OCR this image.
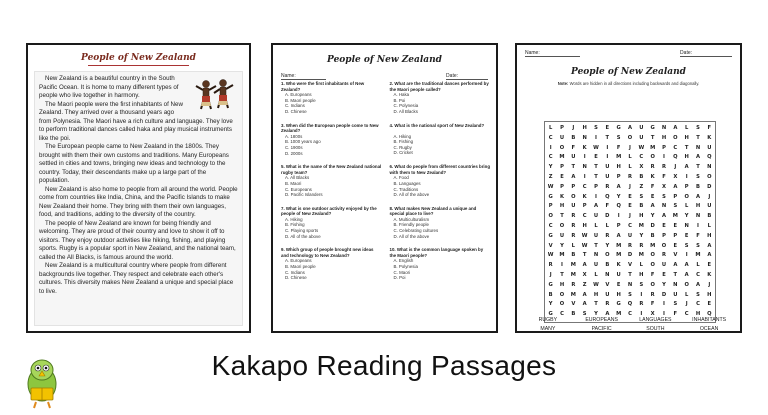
People of New Zealand

New Zealand is a beautiful country in the South Pacific Ocean. It is home to many different types of people who live together in harmony.

The Maori people were the first inhabitants of New Zealand. They arrived over a thousand years ago from Polynesia. The Maori have a rich culture and language. They love to perform traditional dances called haka and play musical instruments like the poi.

The European people came to New Zealand in the 1800s. They brought with them their own customs and traditions. Many Europeans settled in cities and towns, bringing new ideas and technology to the country. Today, their descendants make up a large part of the population.

New Zealand is also home to people from all around the world. People come from countries like India, China, and the Pacific Islands to make New Zealand their home. They bring with them their own languages, food, and traditions, adding to the diversity of the country.

The people of New Zealand are known for being friendly and welcoming. They are proud of their country and love to show it off to visitors. They enjoy outdoor activities like hiking, fishing, and playing sports. Rugby is a popular sport in New Zealand, and the national team, called the All Blacks, is famous around the world.

New Zealand is a multicultural country where people from different backgrounds live together. They respect and celebrate each other's cultures. This diversity makes New Zealand a unique and special place to live.

People of New Zealand
Name:	Date:
1. Who were the first inhabitants of New Zealand?
A. Europeans
B. Maori people
C. Indians
D. Chinese
2. What are the traditional dances performed by the Maori people called?
A. Haka
B. Poi
C. Polynesia
D. All Blacks
3. When did the European people come to New Zealand?
A. 1800s
B. 1000 years ago
C. 1900s
D. 2000s
4. What is the national sport of New Zealand?
A. Hiking
B. Fishing
C. Rugby
D. Cricket
5. What is the name of the New Zealand national rugby team?
A. All Blacks
B. Maori
C. Europeans
D. Pacific Islanders
6. What do people from different countries bring with them to New Zealand?
A. Food
B. Languages
C. Traditions
D. All of the above
7. What is one outdoor activity enjoyed by the people of New Zealand?
A. Hiking
B. Fishing
C. Playing sports
D. All of the above
8. What makes New Zealand a unique and special place to live?
A. Multiculturalism
B. Friendly people
C. Celebrating cultures
D. All of the above
9. Which group of people brought new ideas and technology to New Zealand?
A. Europeans
B. Maori people
C. Indians
D. Chinese
10. What is the common language spoken by the Maori people?
A. English
B. Polynesia
C. Maori
D. Poi
Name:	Date:
People of New Zealand
Note: Words are hidden in all directions including backwards and diagonally.
L	P	J	H	S	E	G	A	U	G	N	A	L	S	F
C	U	B	N	I	T	S	O	U	T	H	O	H	T	K
I	O	F	K	W	I	F	J	W	M	P	C	T	N	U
C	M	U	I	E	I	M	L	C	O	I	Q	H	A	Q
Y	P	T	N	T	U	H	L	X	R	R	J	A	T	N
Z	E	A	I	T	U	P	R	B	K	F	X	I	S	O
W	P	P	C	P	R	A	J	Z	F	X	A	P	B	D
G	K	O	K	I	Q	Y	E	S	E	S	P	O	A	J
P	H	U	P	A	F	Q	E	B	A	N	S	L	H	U
O	T	R	C	U	D	I	J	H	Y	A	M	Y	N	B
C	O	R	H	L	L	P	C	M	D	E	E	N	I	L
G	U	R	W	U	R	A	U	Y	B	P	P	E	F	H
V	Y	L	W	T	Y	M	R	R	M	O	E	S	S	A
W	M	B	T	N	O	M	D	M	O	R	V	I	M	A
R	I	M	A	U	B	K	V	L	O	U	A	A	L	E
J	T	M	X	L	N	U	T	H	F	E	T	A	C	K
G	H	R	Z	W	V	E	N	S	O	Y	N	O	A	J
B	O	M	A	H	U	H	S	I	R	D	U	L	S	H
Y	O	V	A	T	R	G	Q	R	F	I	S	J	C	E
G	C	B	S	Y	A	M	C	I	X	I	F	C	H	Q
RUGBY	EUROPEANS	LANGUAGES	INHABITANTS
MANY	PACIFIC	SOUTH	OCEAN
Kakapo Reading Passages
